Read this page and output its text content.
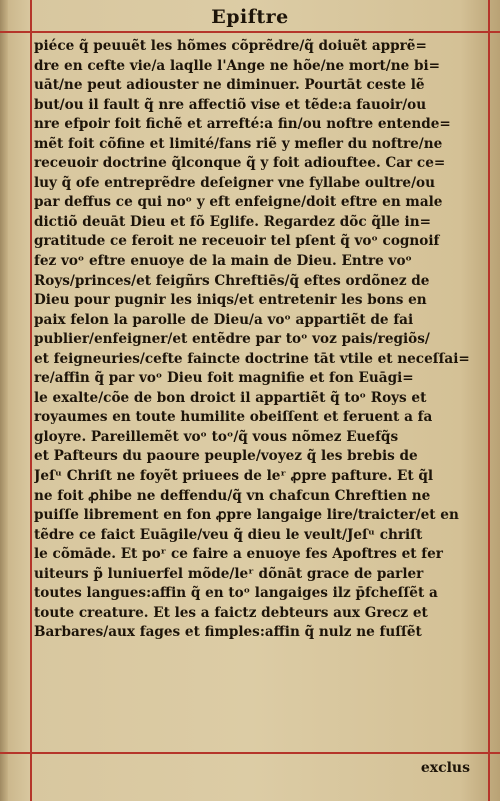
Epiftre
piéce q̃ peuuẽt les hõmes cõprẽdre/q̃ doiuẽt apprẽ=
dre en cefte vie/a laqlle l'Ange ne hõe/ne mort/ne bi=
uāt/ne peut adiouster ne diminuer. Pourtāt ceste lẽ
but/ou il fault q̃ nre affectiõ vise et tẽde:a fauoir/ou
nre efpoir foit fichẽ et arrefté:a fin/ou noftre entende=
mẽt foit cõfine et limité/fans riẽ y mefler du noftre/ne
receuoir doctrine q̃lconque q̃ y foit adiouftee. Car ce=
luy q̃ ofe entreprẽdre deſeigner vne fyllabe oultre/ou
par deffus ce qui noᵒ y eft enfeigne/doit eftre en male
dictiõ deuāt Dieu et fõ Eglife. Regardez dõc q̃lle in=
gratitude ce feroit ne receuoir tel pſent q̃ voᵒ cognoif
fez voᵒ eftre enuoye de la main de Dieu. Entre voᵒ
Roys/princes/et feigñrs Chreftiēs/q̃ eftes ordõnez de
Dieu pour pugnir les iniqs/et entretenir les bons en
paix felon la parolle de Dieu/a voᵒ appartiẽt de fai
publier/enfeigner/et entẽdre par toᵒ voz pais/regiõs/
et feigneuries/cefte faincte doctrine tāt vtile et neceſſai=
re/affin q̃ par voᵒ Dieu foit magnifie et fon Euāgi=
le exalte/cõe de bon droict il appartiẽt q̃ toᵒ Roys et
royaumes en toute humilite obeiſſent et feruent a fa
gloyre. Pareillemẽt voᵒ toᵒ/q̃ vous nõmez Euefq̃s
et Pafteurs du paoure peuple/voyez q̃ les brebis de
Jeſᵘ Chriſt ne foyẽt priuees de leʳ ꝓpre pafture. Et q̃l
ne foit ꝓhibe ne deffendu/q̃ vn chafcun Chreftien ne
puiſſe librement en fon ꝓpre langaige lire/traicter/et en
tẽdre ce faict Euāgile/veu q̃ dieu le veult/Jeſᵘ chriſt
le cõmāde. Et poʳ ce faire a enuoye fes Apoftres et fer
uiteurs p̃ luniuerfel mõde/leʳ dõnāt grace de parler
toutes langues:affin q̃ en toᵒ langaiges ilz p̄fcheſſẽt a
toute creature. Et les a faictz debteurs aux Grecz et
Barbares/aux fages et fimples:affin q̃ nulz ne fuſſẽt
exclus
